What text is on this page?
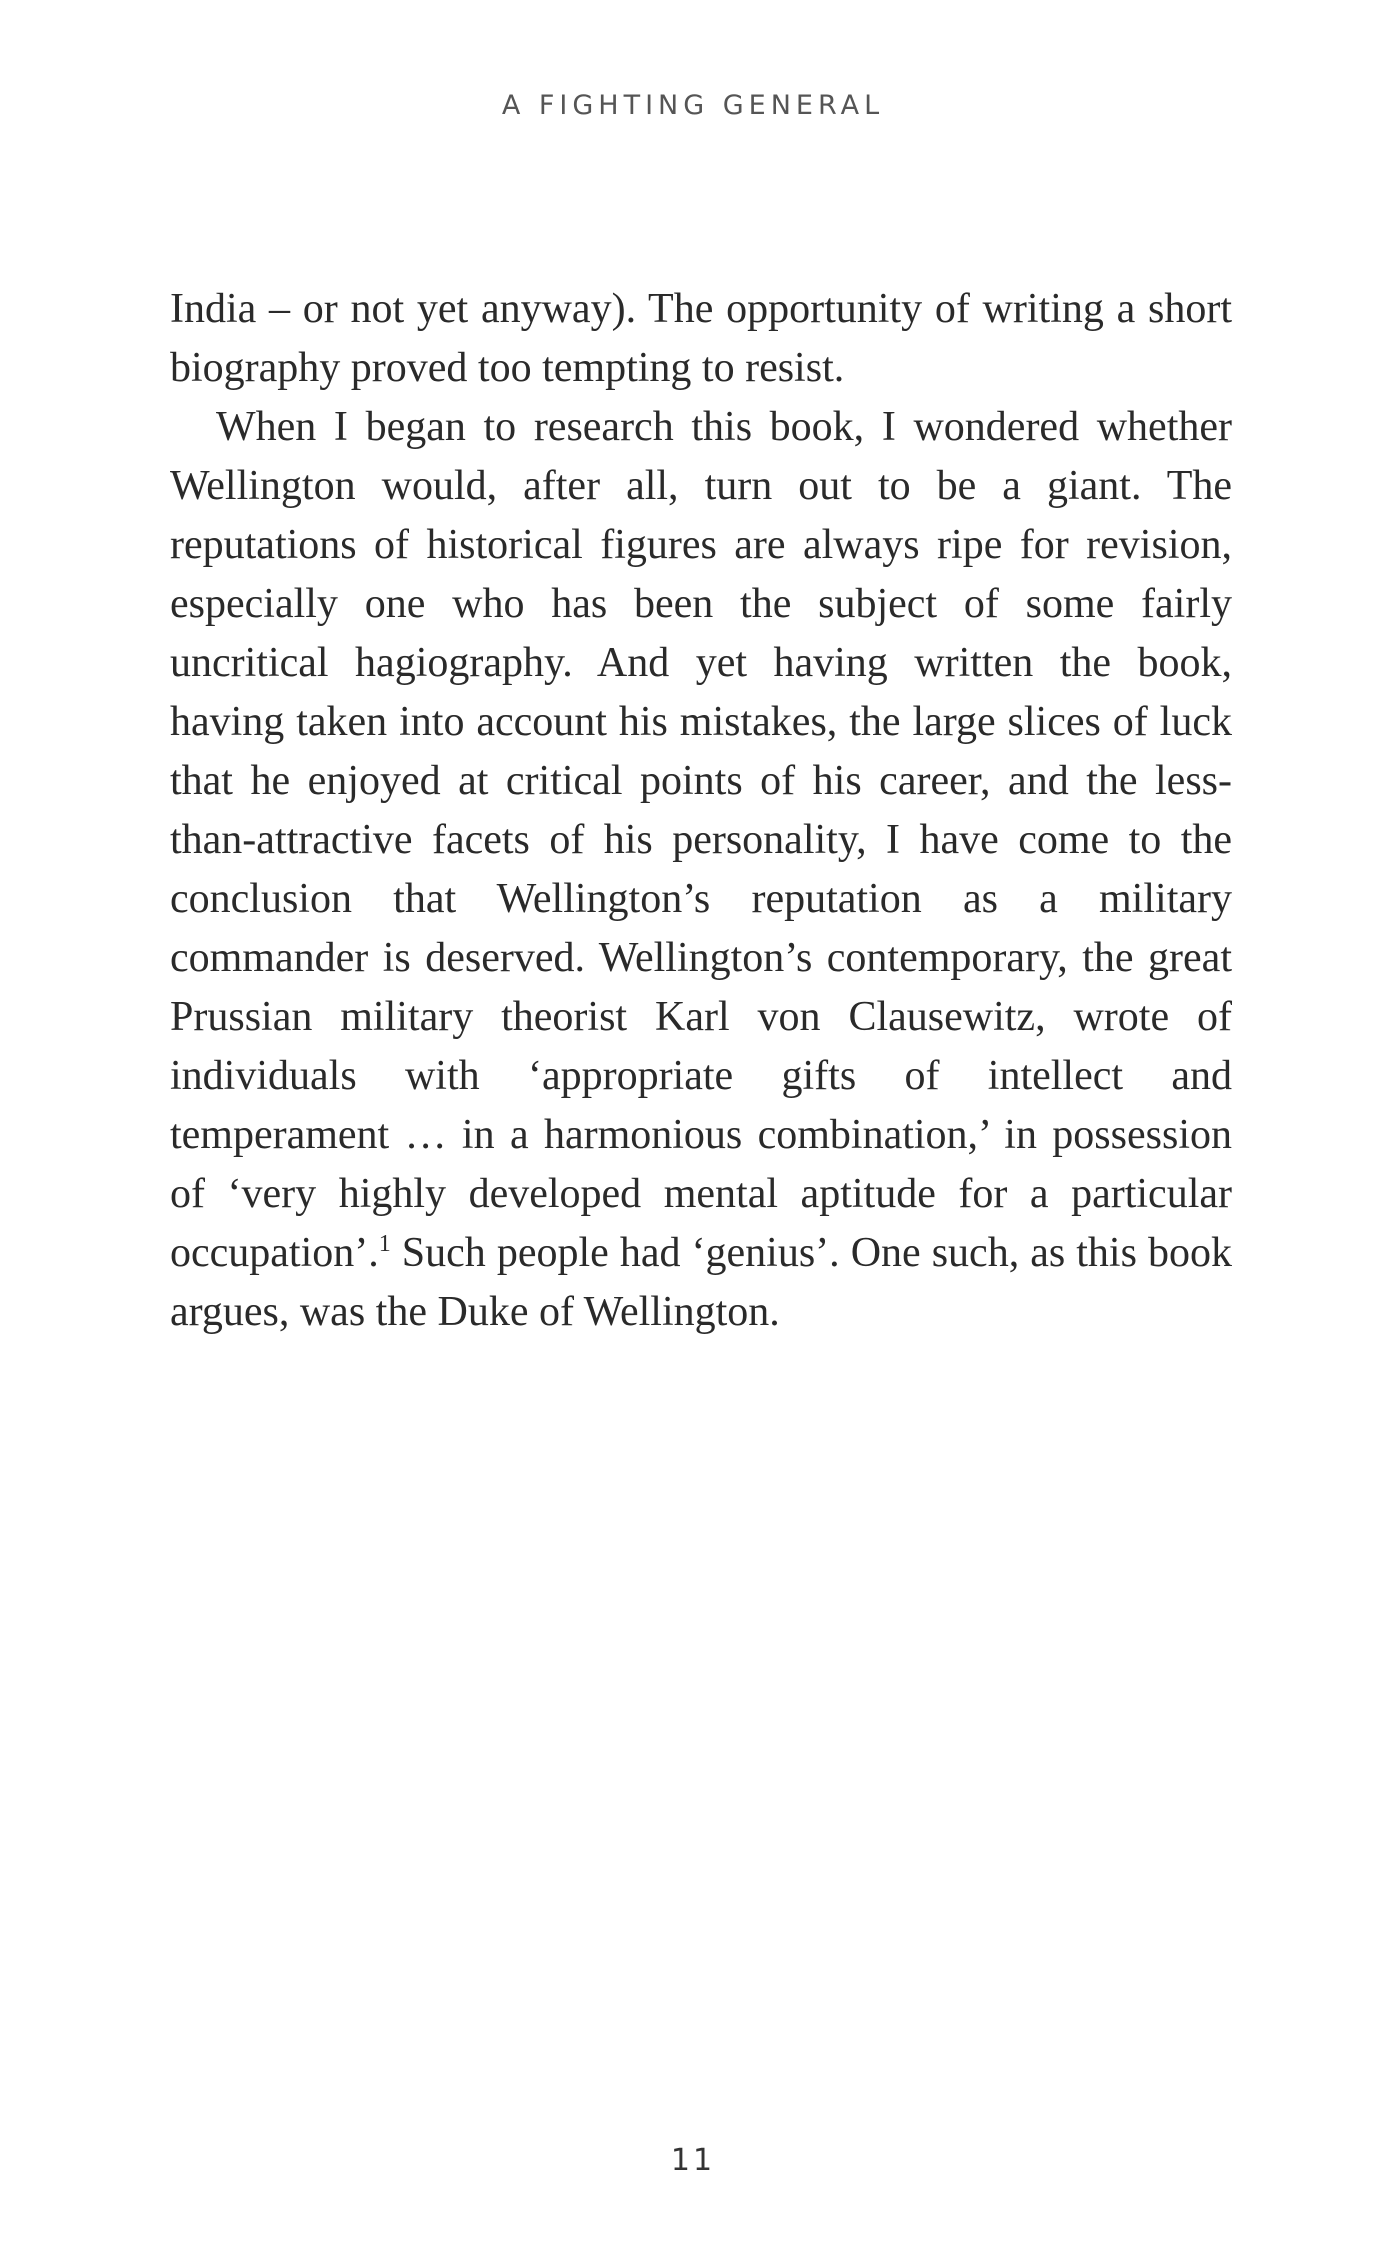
A FIGHTING GENERAL

India – or not yet anyway). The opportunity of writing a short biography proved too tempting to resist.

When I began to research this book, I wondered whether Wellington would, after all, turn out to be a giant. The reputations of historical figures are always ripe for revision, especially one who has been the subject of some fairly uncritical hagiography. And yet having written the book, having taken into account his mistakes, the large slices of luck that he enjoyed at critical points of his career, and the less-than-attractive facets of his personality, I have come to the conclusion that Wellington’s reputation as a military commander is deserved. Wellington’s contemporary, the great Prussian military theorist Karl von Clausewitz, wrote of individuals with ‘appropriate gifts of intellect and temperament … in a harmonious combination,’ in possession of ‘very highly developed mental aptitude for a particular occupation’.$^1$ Such people had ‘genius’. One such, as this book argues, was the Duke of Wellington.

11
